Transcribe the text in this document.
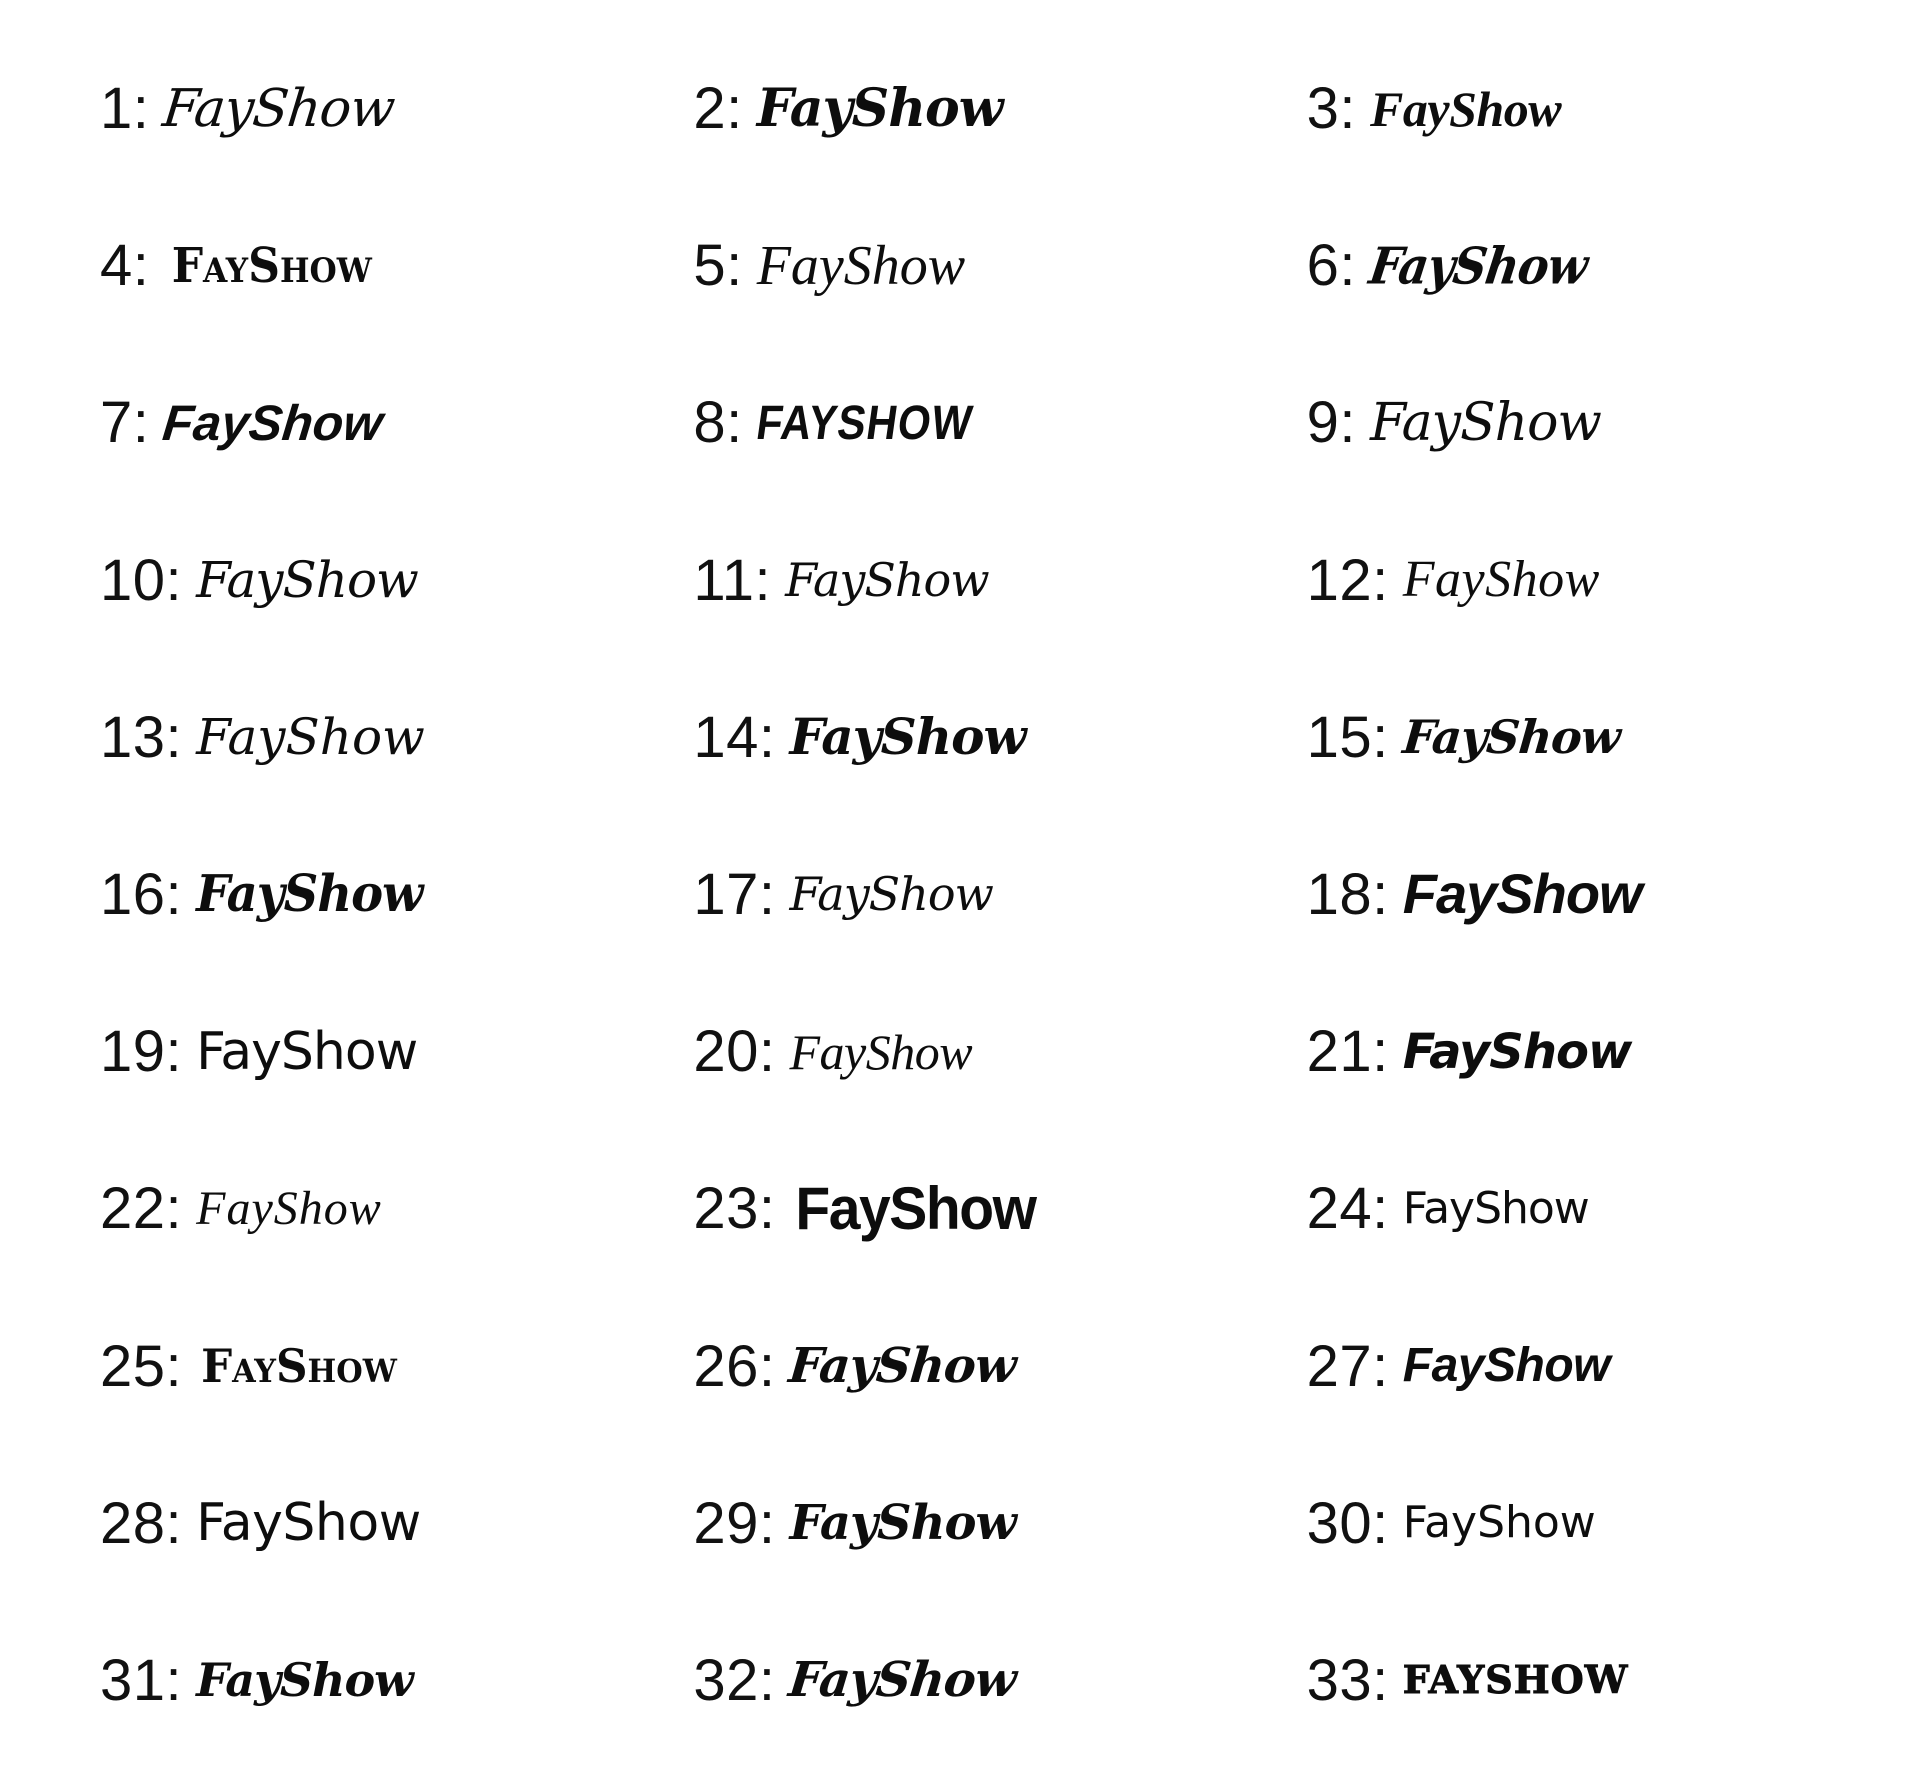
1: FayShow	2: FayShow	3: FayShow
4: FayShow	5: FayShow	6: FayShow
7: FayShow	8: FAYSHOW	9: FayShow
10: FayShow	11: FayShow	12: FayShow
13: FayShow	14: FayShow	15: FayShow
16: FayShow	17: FayShow	18: FayShow
19: FayShow	20: FayShow	21: FayShow
22: FayShow	23: FayShow	24: FayShow
25: FayShow	26: FayShow	27: FayShow
28: FayShow	29: FayShow	30: FayShow
31: FayShow	32: FayShow	33: FAYSHOW
